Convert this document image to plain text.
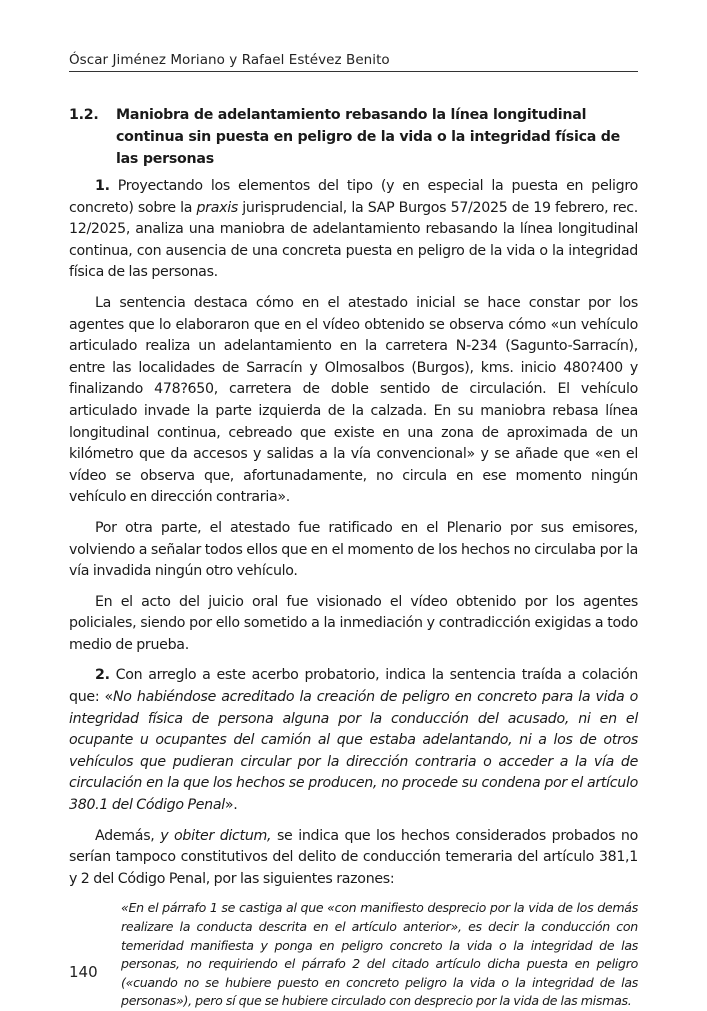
Óscar Jiménez Moriano y Rafael Estévez Benito
1.2.	Maniobra de adelantamiento rebasando la línea longitudinal continua sin puesta en peligro de la vida o la integridad física de las personas

1. Proyectando los elementos del tipo (y en especial la puesta en peligro concreto) sobre la praxis jurisprudencial, la SAP Burgos 57/2025 de 19 febrero, rec. 12/2025, analiza una maniobra de adelantamiento rebasando la línea longitudinal continua, con ausencia de una concreta puesta en peligro de la vida o la integridad física de las personas.

La sentencia destaca cómo en el atestado inicial se hace constar por los agentes que lo elaboraron que en el vídeo obtenido se observa cómo «un vehículo articulado realiza un adelantamiento en la carretera N-234 (Sagunto-Sarracín), entre las localidades de Sarracín y Olmosalbos (Burgos), kms. inicio 480?400 y finalizando 478?650, carretera de doble sentido de circulación. El vehículo articulado invade la parte izquierda de la calzada. En su maniobra rebasa línea longitudinal continua, cebreado que existe en una zona de aproximada de un kilómetro que da accesos y salidas a la vía convencional» y se añade que «en el vídeo se observa que, afortunadamente, no circula en ese momento ningún vehículo en dirección contraria».

Por otra parte, el atestado fue ratificado en el Plenario por sus emisores, volviendo a señalar todos ellos que en el momento de los hechos no circulaba por la vía invadida ningún otro vehículo.

En el acto del juicio oral fue visionado el vídeo obtenido por los agentes policiales, siendo por ello sometido a la inmediación y contradicción exigidas a todo medio de prueba.

2. Con arreglo a este acerbo probatorio, indica la sentencia traída a colación que: «No habiéndose acreditado la creación de peligro en concreto para la vida o integridad física de persona alguna por la conducción del acusado, ni en el ocupante u ocupantes del camión al que estaba adelantando, ni a los de otros vehículos que pudieran circular por la dirección contraria o acceder a la vía de circulación en la que los hechos se producen, no procede su condena por el artículo 380.1 del Código Penal».

Además, y obiter dictum, se indica que los hechos considerados probados no serían tampoco constitutivos del delito de conducción temeraria del artículo 381,1 y 2 del Código Penal, por las siguientes razones:

«En el párrafo 1 se castiga al que «con manifiesto desprecio por la vida de los demás realizare la conducta descrita en el artículo anterior», es decir la conducción con temeridad manifiesta y ponga en peligro concreto la vida o la integridad de las personas, no requiriendo el párrafo 2 del citado artículo dicha puesta en peligro («cuando no se hubiere puesto en concreto peligro la vida o la integridad de las personas»), pero sí que se hubiere circulado con desprecio por la vida de las mismas.
140
